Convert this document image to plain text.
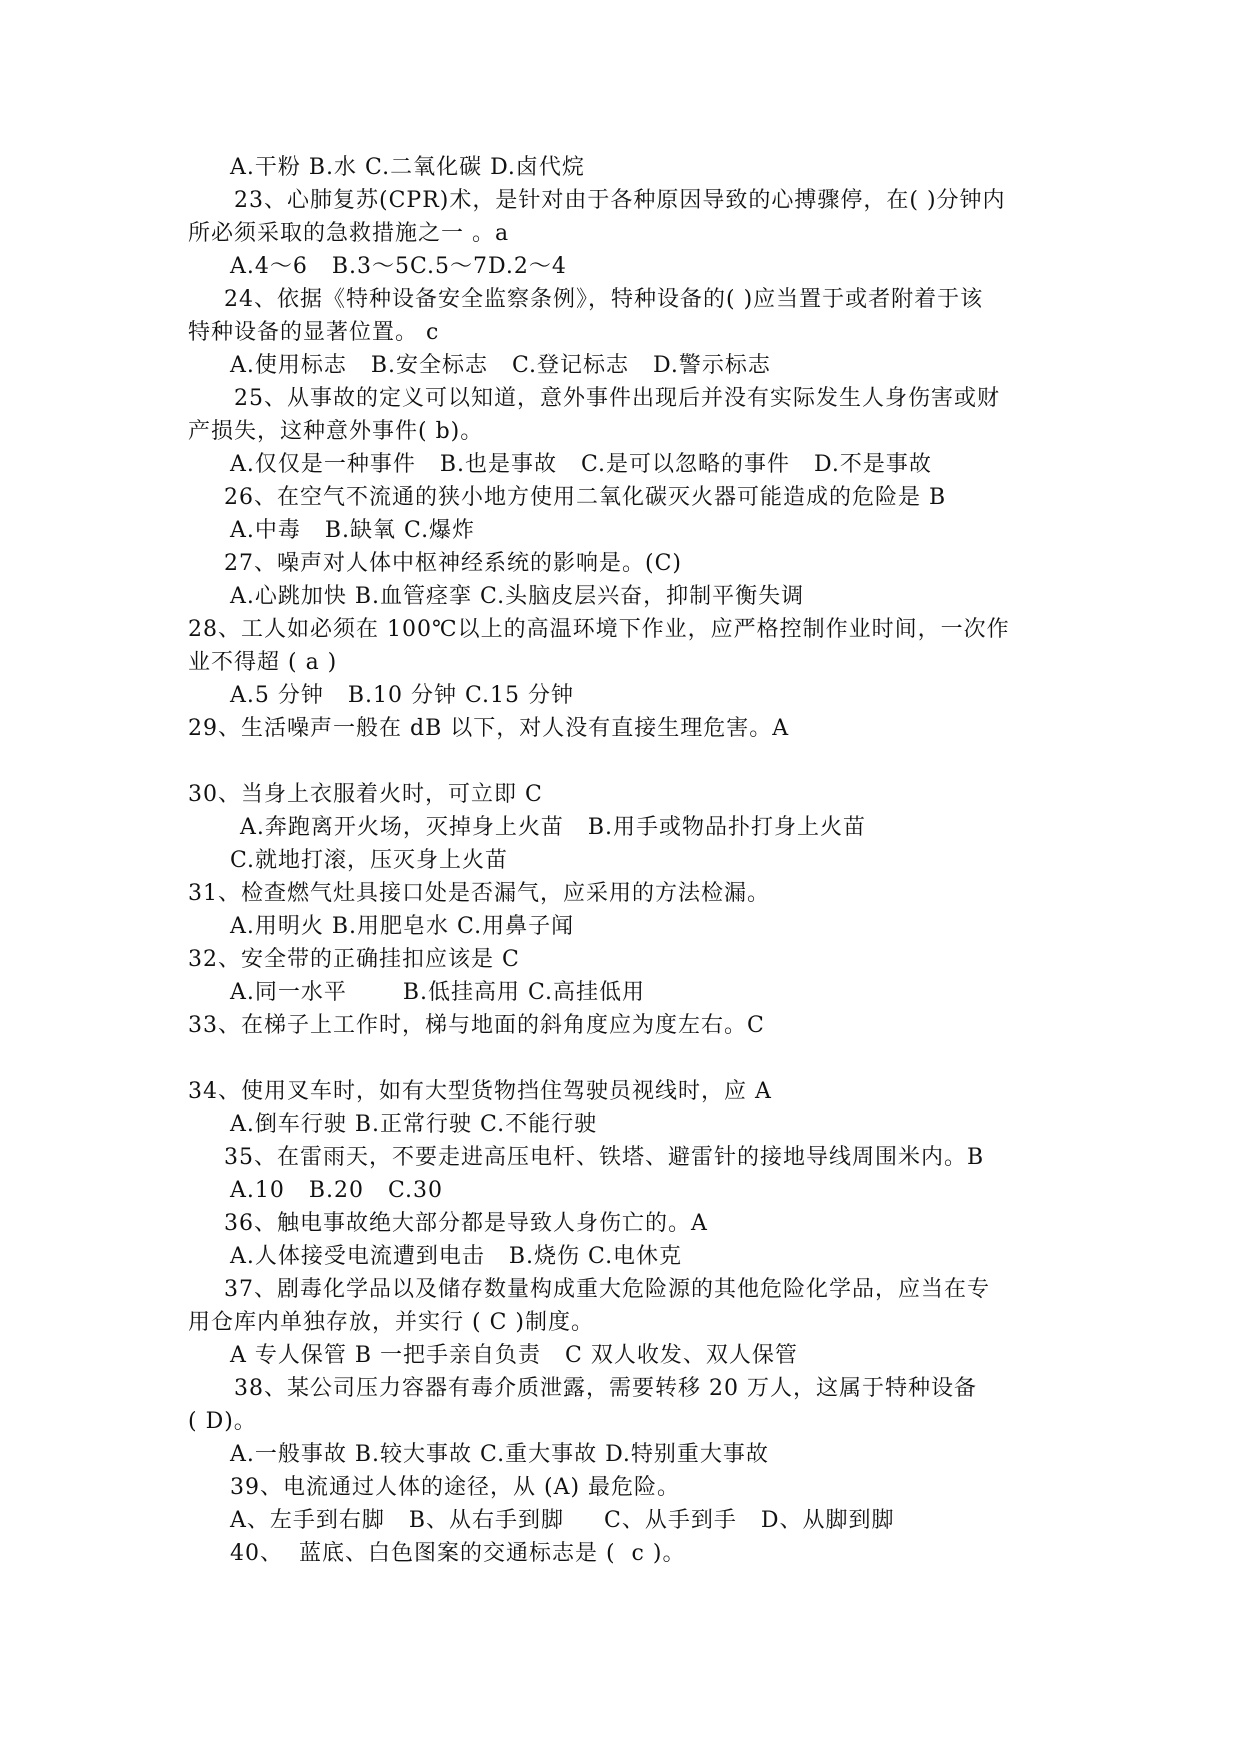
A.干粉 B.水 C.二氧化碳 D.卤代烷
23、心肺复苏(CPR)术，是针对由于各种原因导致的心搏骤停，在( )分钟内
所必须采取的急救措施之一 。a
A.4～6   B.3～5C.5～7D.2～4
24、依据《特种设备安全监察条例》，特种设备的( )应当置于或者附着于该
特种设备的显著位置。 c
A.使用标志   B.安全标志   C.登记标志   D.警示标志
25、从事故的定义可以知道，意外事件出现后并没有实际发生人身伤害或财
产损失，这种意外事件( b)。
A.仅仅是一种事件   B.也是事故   C.是可以忽略的事件   D.不是事故
26、在空气不流通的狭小地方使用二氧化碳灭火器可能造成的危险是 B
A.中毒   B.缺氧 C.爆炸
27、噪声对人体中枢神经系统的影响是。(C)
A.心跳加快 B.血管痉挛 C.头脑皮层兴奋，抑制平衡失调
28、工人如必须在 100℃以上的高温环境下作业，应严格控制作业时间，一次作
业不得超 ( a )
A.5 分钟   B.10 分钟 C.15 分钟
29、生活噪声一般在 dB 以下，对人没有直接生理危害。A
30、当身上衣服着火时，可立即 C
A.奔跑离开火场，灭掉身上火苗   B.用手或物品扑打身上火苗
C.就地打滚，压灭身上火苗
31、检查燃气灶具接口处是否漏气，应采用的方法检漏。
A.用明火 B.用肥皂水 C.用鼻子闻
32、安全带的正确挂扣应该是 C
A.同一水平       B.低挂高用 C.高挂低用
33、在梯子上工作时，梯与地面的斜角度应为度左右。C
34、使用叉车时，如有大型货物挡住驾驶员视线时，应 A
A.倒车行驶 B.正常行驶 C.不能行驶
35、在雷雨天，不要走进高压电杆、铁塔、避雷针的接地导线周围米内。B
A.10   B.20   C.30
36、触电事故绝大部分都是导致人身伤亡的。A
A.人体接受电流遭到电击   B.烧伤 C.电休克
37、剧毒化学品以及储存数量构成重大危险源的其他危险化学品，应当在专
用仓库内单独存放，并实行 ( C )制度。
A 专人保管 B 一把手亲自负责   C 双人收发、双人保管
38、某公司压力容器有毒介质泄露，需要转移 20 万人，这属于特种设备
( D)。
A.一般事故 B.较大事故 C.重大事故 D.特别重大事故
39、电流通过人体的途径，从 (A) 最危险。
A、左手到右脚   B、从右手到脚     C、从手到手   D、从脚到脚
40、  蓝底、白色图案的交通标志是 (  c )。
